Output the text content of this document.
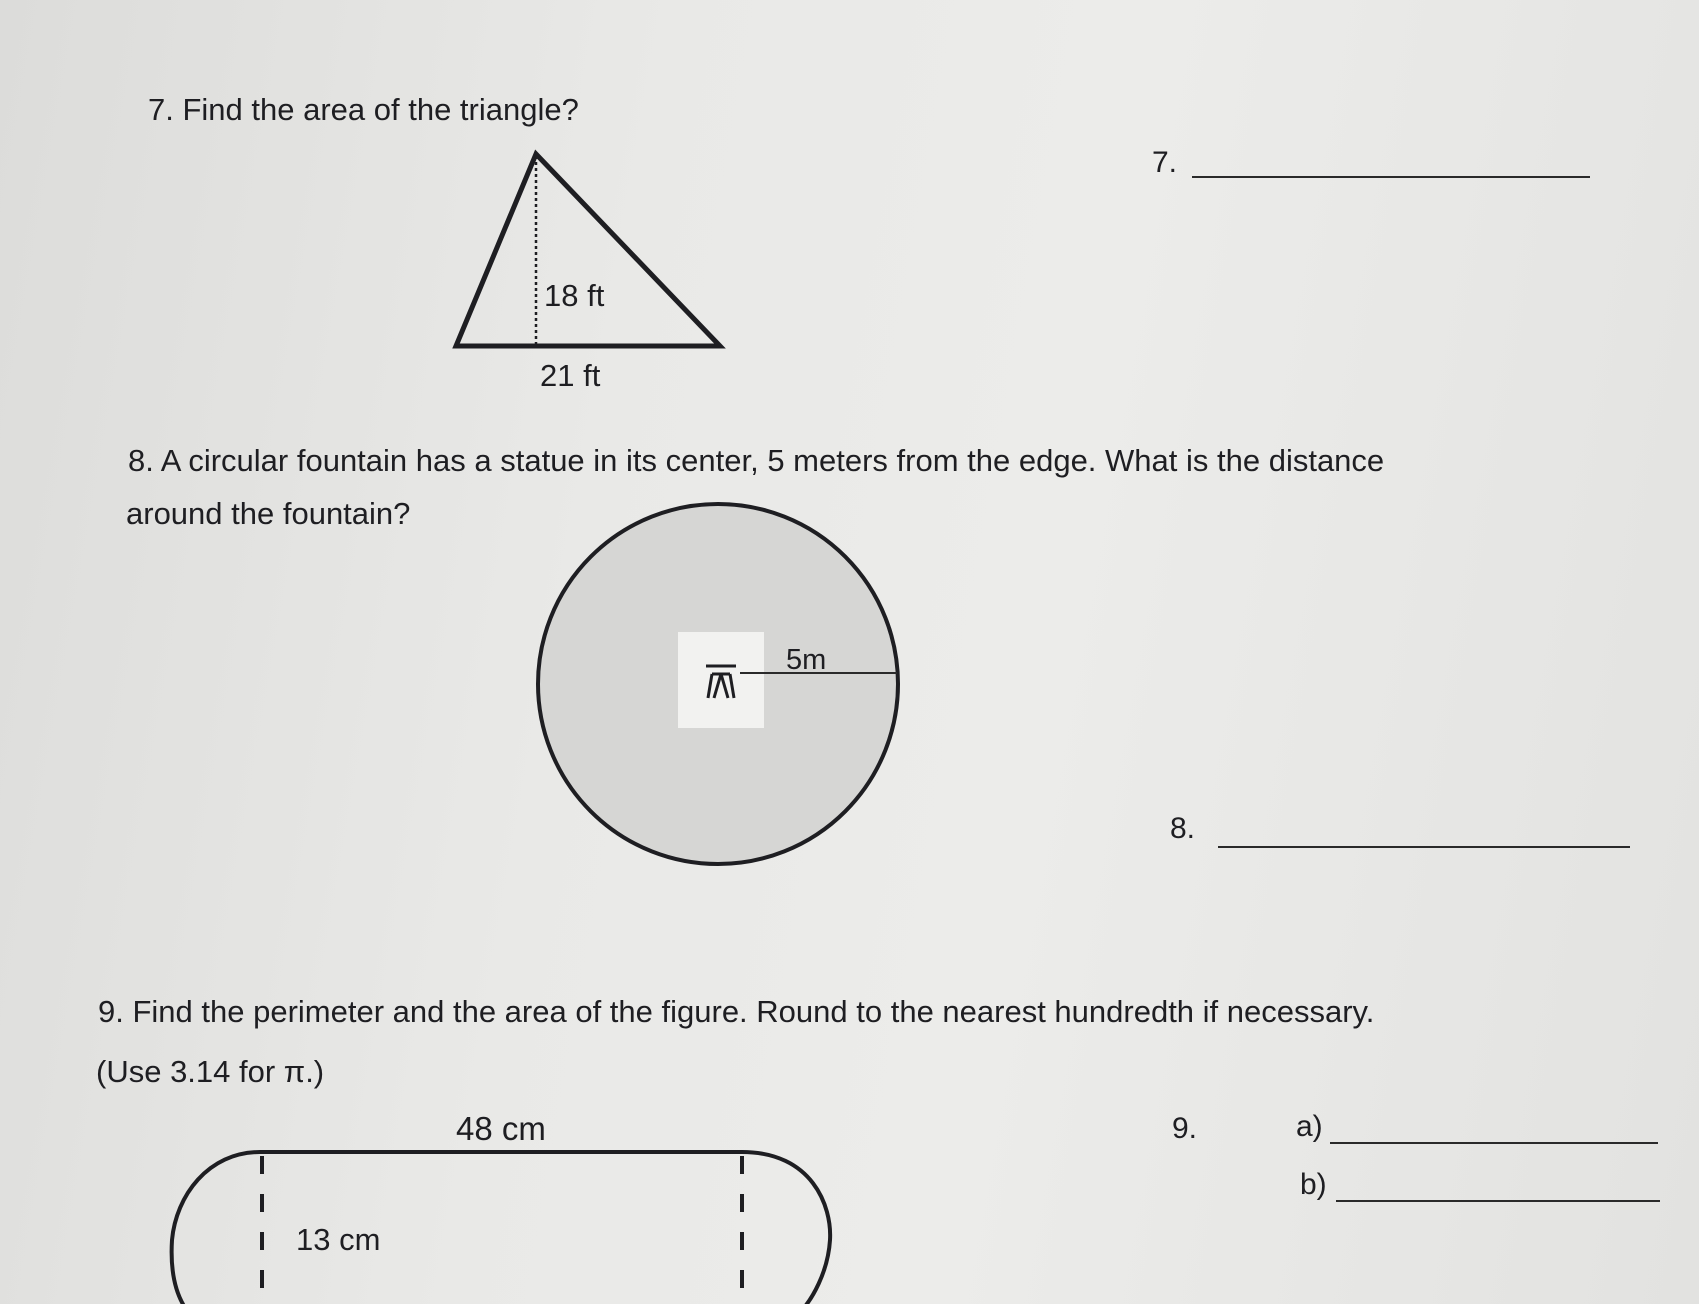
7. Find the area of the triangle?
7.
8. A circular fountain has a statue in its center, 5 meters from the edge. What is the distance
around the fountain?
8.
9. Find the perimeter and the area of the figure. Round to the nearest hundredth if necessary.
(Use 3.14 for π.)
9.	a)
b)
18 ft
21 ft
5m
48 cm
13 cm
